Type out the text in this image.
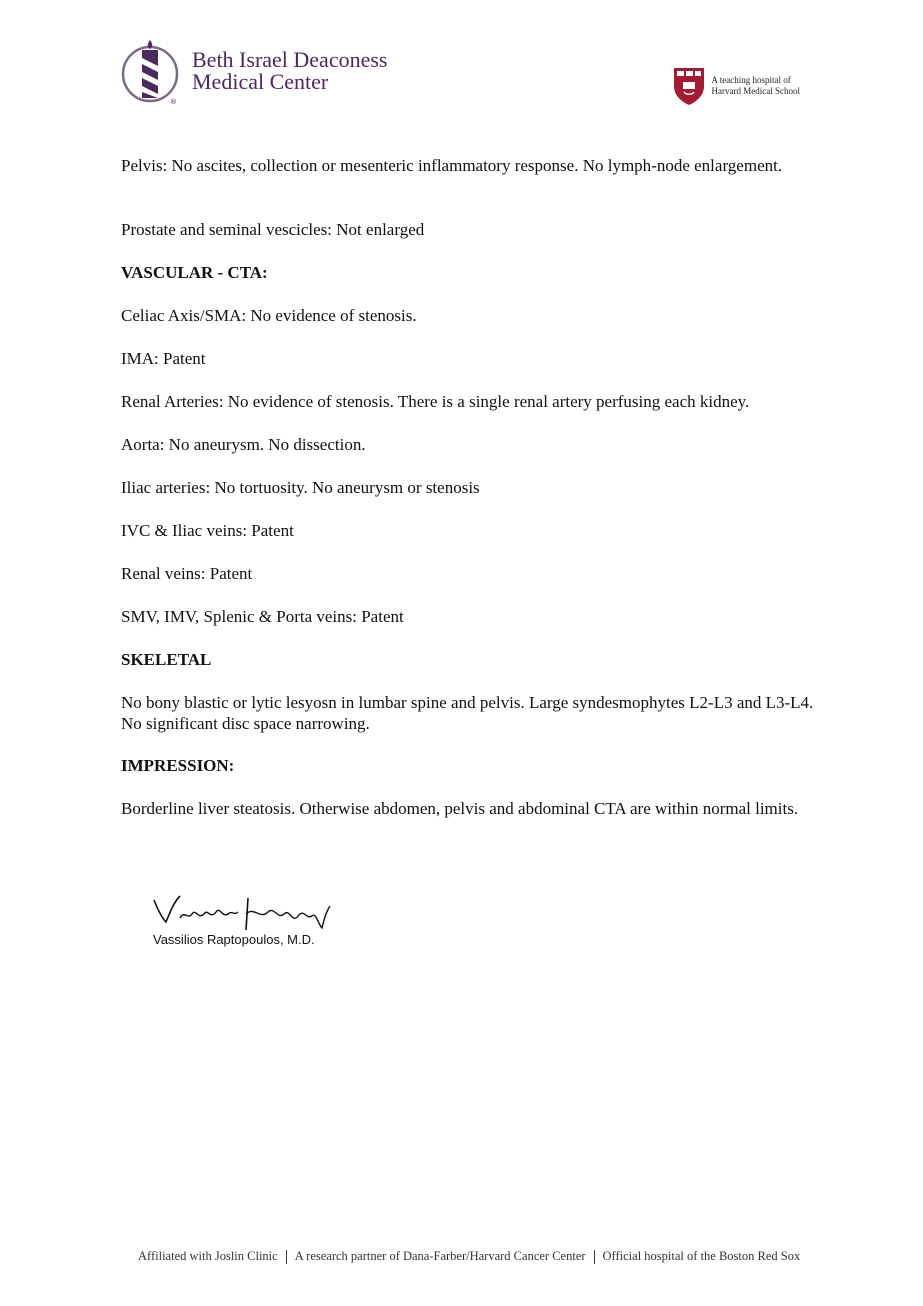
®
Beth Israel Deaconess
Medical Center	A teaching hospital of
Harvard Medical School
Pelvis: No ascites, collection or mesenteric inflammatory response. No lymph-node enlargement.
Prostate and seminal vescicles: Not enlarged
VASCULAR - CTA:
Celiac Axis/SMA: No evidence of stenosis.
IMA: Patent
Renal Arteries: No evidence of stenosis. There is a single renal artery perfusing each kidney.
Aorta: No aneurysm. No dissection.
Iliac arteries: No tortuosity. No aneurysm or stenosis
IVC & Iliac veins: Patent
Renal veins: Patent
SMV, IMV, Splenic & Porta veins: Patent
SKELETAL
No bony blastic or lytic lesyosn in lumbar spine and pelvis. Large syndesmophytes L2-L3 and L3-L4. No significant disc space narrowing.
IMPRESSION:
Borderline liver steatosis. Otherwise abdomen, pelvis and abdominal CTA are within normal limits.
Vassilios Raptopoulos, M.D.
Affiliated with Joslin Clinic A research partner of Dana-Farber/Harvard Cancer Center Official hospital of the Boston Red Sox
